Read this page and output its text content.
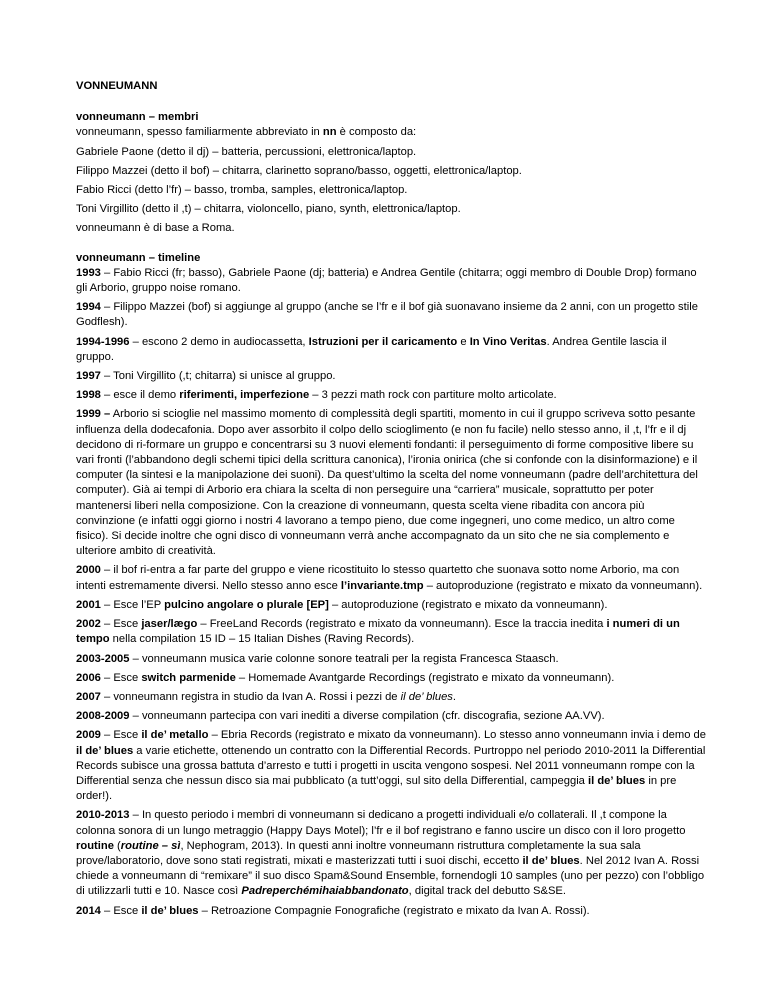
VONNEUMANN

vonneumann – membri

vonneumann, spesso familiarmente abbreviato in nn è composto da:

Gabriele Paone (detto il dj) – batteria, percussioni, elettronica/laptop.

Filippo Mazzei (detto il bof) – chitarra, clarinetto soprano/basso, oggetti, elettronica/laptop.

Fabio Ricci (detto l’fr) – basso, tromba, samples, elettronica/laptop.

Toni Virgillito (detto il ,t) – chitarra, violoncello, piano, synth, elettronica/laptop.

vonneumann è di base a Roma.

vonneumann – timeline

1993 – Fabio Ricci (fr; basso), Gabriele Paone (dj; batteria) e Andrea Gentile (chitarra; oggi membro di Double Drop) formano gli Arborio, gruppo noise romano.

1994 – Filippo Mazzei (bof) si aggiunge al gruppo (anche se l’fr e il bof già suonavano insieme da 2 anni, con un progetto stile Godflesh).

1994-1996 – escono 2 demo in audiocassetta, Istruzioni per il caricamento e In Vino Veritas. Andrea Gentile lascia il gruppo.

1997 – Toni Virgillito (,t; chitarra) si unisce al gruppo.

1998 – esce il demo riferimenti, imperfezione – 3 pezzi math rock con partiture molto articolate.

1999 – Arborio si scioglie nel massimo momento di complessità degli spartiti, momento in cui il gruppo scriveva sotto pesante influenza della dodecafonia. Dopo aver assorbito il colpo dello scioglimento (e non fu facile) nello stesso anno, il ,t, l’fr e il dj decidono di ri-formare un gruppo e concentrarsi su 3 nuovi elementi fondanti: il perseguimento di forme compositive libere su vari fronti (l’abbandono degli schemi tipici della scrittura canonica), l’ironia onirica (che si confonde con la disinformazione) e il computer (la sintesi e la manipolazione dei suoni). Da quest’ultimo la scelta del nome vonneumann (padre dell’architettura del computer). Già ai tempi di Arborio era chiara la scelta di non perseguire una “carriera” musicale, soprattutto per poter mantenersi liberi nella composizione. Con la creazione di vonneumann, questa scelta viene ribadita con ancora più convinzione (e infatti oggi giorno i nostri 4 lavorano a tempo pieno, due come ingegneri, uno come medico, un altro come fisico). Si decide inoltre che ogni disco di vonneumann verrà anche accompagnato da un sito che ne sia complemento e ulteriore ambito di creatività.

2000 – il bof ri-entra a far parte del gruppo e viene ricostituito lo stesso quartetto che suonava sotto nome Arborio, ma con intenti estremamente diversi. Nello stesso anno esce l’invariante.tmp – autoproduzione (registrato e mixato da vonneumann).

2001 – Esce l’EP pulcino angolare o plurale [EP] – autoproduzione (registrato e mixato da vonneumann).

2002 – Esce jaser/lægo – FreeLand Records (registrato e mixato da vonneumann). Esce la traccia inedita i numeri di un tempo nella compilation 15 ID – 15 Italian Dishes (Raving Records).

2003-2005 – vonneumann musica varie colonne sonore teatrali per la regista Francesca Staasch.

2006 – Esce switch parmenide – Homemade Avantgarde Recordings (registrato e mixato da vonneumann).

2007 – vonneumann registra in studio da Ivan A. Rossi i pezzi de il de’ blues.

2008-2009 – vonneumann partecipa con vari inediti a diverse compilation (cfr. discografia, sezione AA.VV).

2009 – Esce il de’ metallo – Ebria Records (registrato e mixato da vonneumann). Lo stesso anno vonneumann invia i demo de il de’ blues a varie etichette, ottenendo un contratto con la Differential Records. Purtroppo nel periodo 2010-2011 la Differential Records subisce una grossa battuta d’arresto e tutti i progetti in uscita vengono sospesi. Nel 2011 vonneumann rompe con la Differential senza che nessun disco sia mai pubblicato (a tutt’oggi, sul sito della Differential, campeggia il de’ blues in pre order!).

2010-2013 – In questo periodo i membri di vonneumann si dedicano a progetti individuali e/o collaterali. Il ,t compone la colonna sonora di un lungo metraggio (Happy Days Motel); l’fr e il bof registrano e fanno uscire un disco con il loro progetto routine (routine – sì, Nephogram, 2013). In questi anni inoltre vonneumann ristruttura completamente la sua sala prove/laboratorio, dove sono stati registrati, mixati e masterizzati tutti i suoi dischi, eccetto il de’ blues. Nel 2012 Ivan A. Rossi chiede a vonneumann di “remixare” il suo disco Spam&Sound Ensemble, fornendogli 10 samples (uno per pezzo) con l’obbligo di utilizzarli tutti e 10. Nasce così Padreperchémihaiabbandonato, digital track del debutto S&SE.

2014 – Esce il de’ blues – Retroazione Compagnie Fonografiche (registrato e mixato da Ivan A. Rossi).
